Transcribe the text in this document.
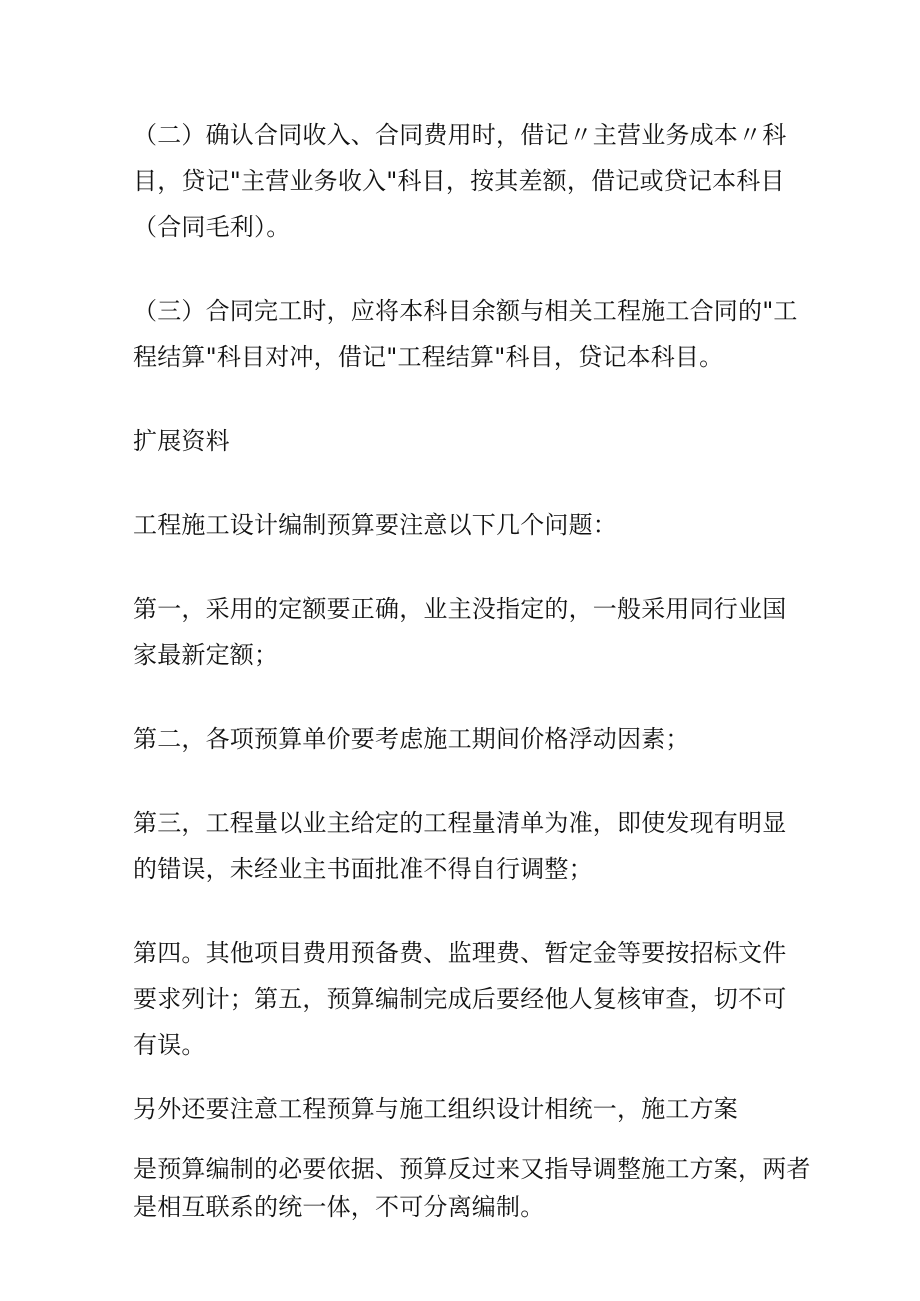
（二）确认合同收入、合同费用时，借记〃主营业务成本〃科
目，贷记"主营业务收入"科目，按其差额，借记或贷记本科目
（合同毛利）。

（三）合同完工时，应将本科目余额与相关工程施工合同的"工
程结算"科目对冲，借记"工程结算"科目，贷记本科目。

扩展资料

工程施工设计编制预算要注意以下几个问题：

第一，采用的定额要正确，业主没指定的，一般采用同行业国
家最新定额；

第二，各项预算单价要考虑施工期间价格浮动因素；

第三，工程量以业主给定的工程量清单为准，即使发现有明显
的错误，未经业主书面批准不得自行调整；

第四。其他项目费用预备费、监理费、暂定金等要按招标文件
要求列计；第五，预算编制完成后要经他人复核审查，切不可
有误。

另外还要注意工程预算与施工组织设计相统一，施工方案

是预算编制的必要依据、预算反过来又指导调整施工方案，两者
是相互联系的统一体，不可分离编制。
